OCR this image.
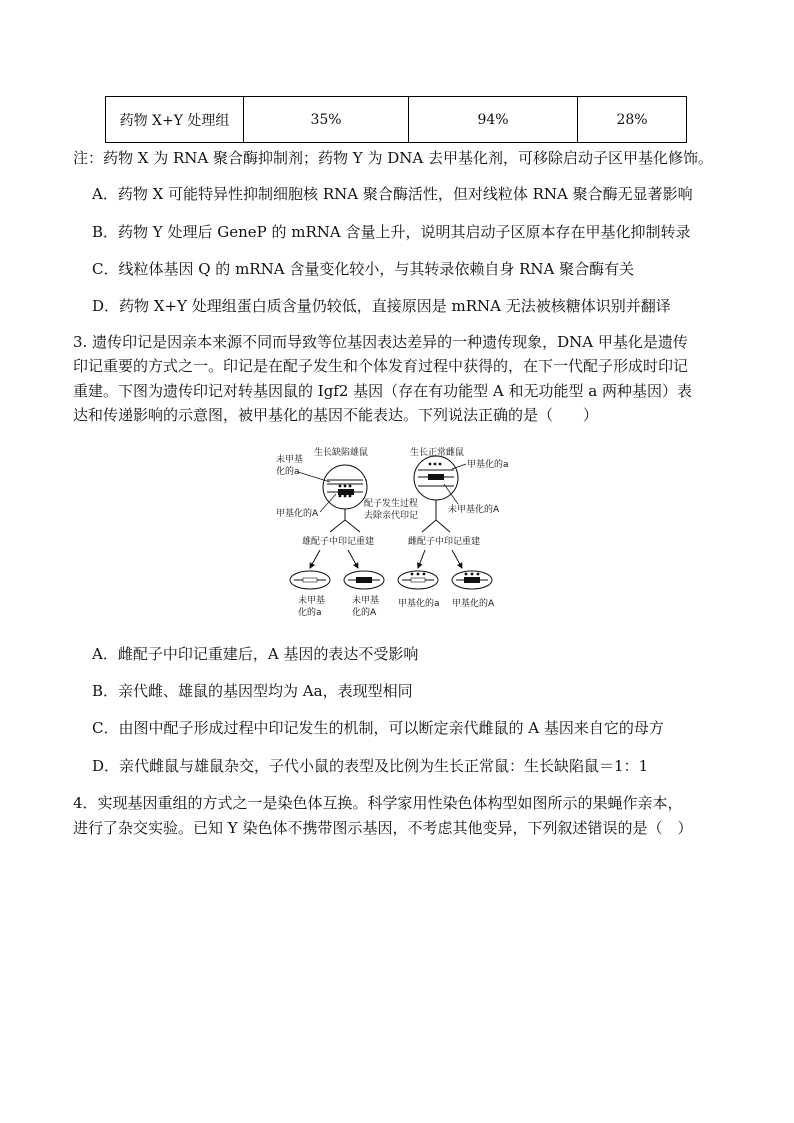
药物 X+Y 处理组	35%	94%	28%
注：药物 X 为 RNA 聚合酶抑制剂；药物 Y 为 DNA 去甲基化剂，可移除启动子区甲基化修饰。
A．药物 X 可能特异性抑制细胞核 RNA 聚合酶活性，但对线粒体 RNA 聚合酶无显著影响
B．药物 Y 处理后 GeneP 的 mRNA 含量上升，说明其启动子区原本存在甲基化抑制转录
C．线粒体基因 Q 的 mRNA 含量变化较小，与其转录依赖自身 RNA 聚合酶有关
D．药物 X+Y 处理组蛋白质含量仍较低，直接原因是 mRNA 无法被核糖体识别并翻译
3. 遗传印记是因亲本来源不同而导致等位基因表达差异的一种遗传现象，DNA 甲基化是遗传
印记重要的方式之一。印记是在配子发生和个体发育过程中获得的，在下一代配子形成时印记
重建。下图为遗传印记对转基因鼠的 Igf2 基因（存在有功能型 A 和无功能型 a 两种基因）表
达和传递影响的示意图，被甲基化的基因不能表达。下列说法正确的是（　　）
生长缺陷雄鼠
未甲基
化的a
甲基化的A
生长正常雌鼠
甲基化的a
未甲基化的A
配子发生过程
去除亲代印记
雄配子中印记重建	雌配子中印记重建
未甲基
化的a
未甲基
化的A
甲基化的a 甲基化的A
A．雌配子中印记重建后，A 基因的表达不受影响
B．亲代雌、雄鼠的基因型均为 Aa，表现型相同
C．由图中配子形成过程中印记发生的机制，可以断定亲代雌鼠的 A 基因来自它的母方
D．亲代雌鼠与雄鼠杂交，子代小鼠的表型及比例为生长正常鼠：生长缺陷鼠＝1：1
4．实现基因重组的方式之一是染色体互换。科学家用性染色体构型如图所示的果蝇作亲本，
进行了杂交实验。已知 Y 染色体不携带图示基因，不考虑其他变异，下列叙述错误的是（　）
